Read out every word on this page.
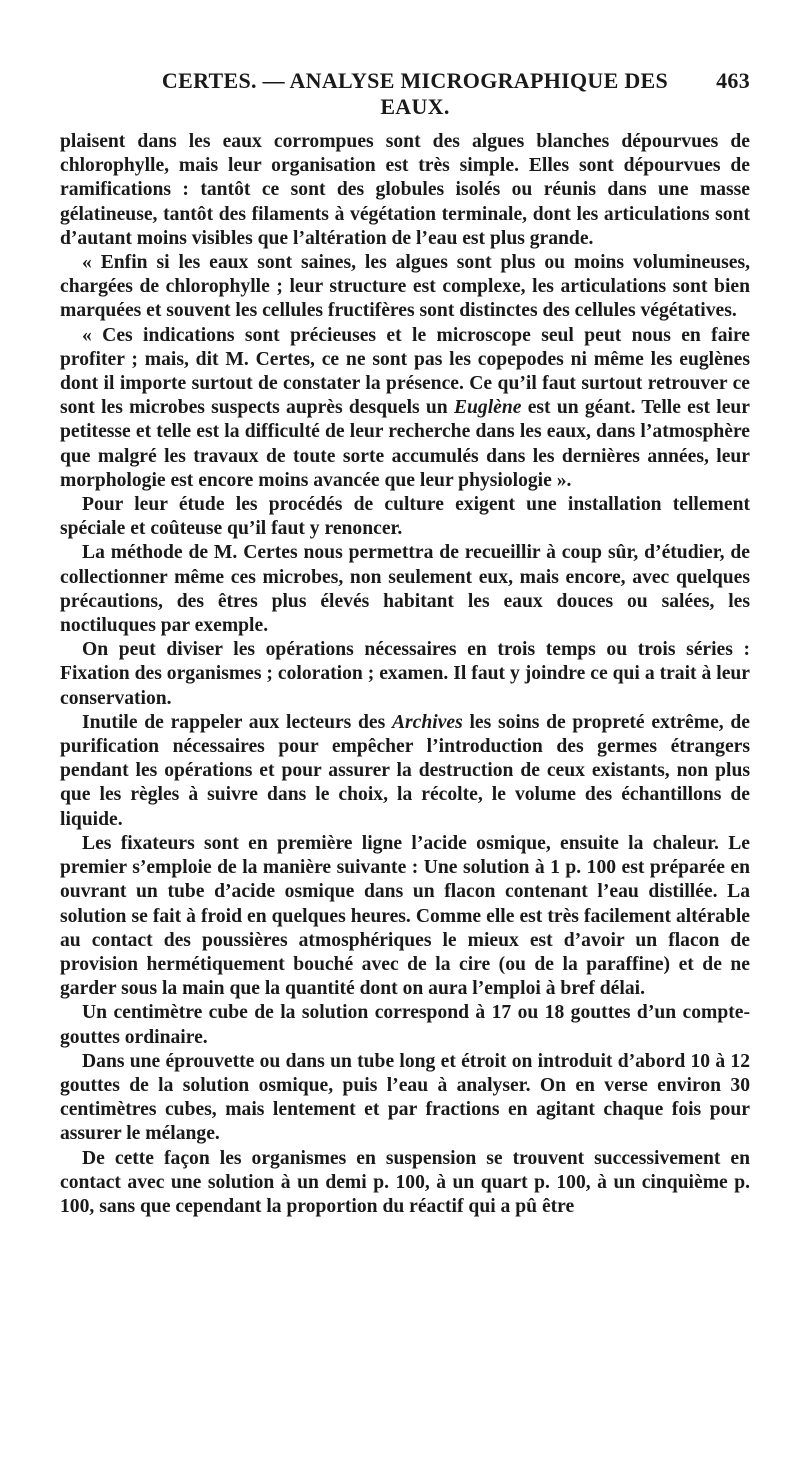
CERTES. — ANALYSE MICROGRAPHIQUE DES EAUX.
463

plaisent dans les eaux corrompues sont des algues blanches dépourvues de chlorophylle, mais leur organisation est très simple. Elles sont dépourvues de ramifications : tantôt ce sont des globules isolés ou réunis dans une masse gélatineuse, tantôt des filaments à végétation terminale, dont les articulations sont d’autant moins visibles que l’altération de l’eau est plus grande.

« Enfin si les eaux sont saines, les algues sont plus ou moins volumineuses, chargées de chlorophylle ; leur structure est complexe, les articulations sont bien marquées et souvent les cellules fructifères sont distinctes des cellules végétatives.

« Ces indications sont précieuses et le microscope seul peut nous en faire profiter ; mais, dit M. Certes, ce ne sont pas les copepodes ni même les euglènes dont il importe surtout de constater la présence. Ce qu’il faut surtout retrouver ce sont les microbes suspects auprès desquels un Euglène est un géant. Telle est leur petitesse et telle est la difficulté de leur recherche dans les eaux, dans l’atmosphère que malgré les travaux de toute sorte accumulés dans les dernières années, leur morphologie est encore moins avancée que leur physiologie ».

Pour leur étude les procédés de culture exigent une installation tellement spéciale et coûteuse qu’il faut y renoncer.

La méthode de M. Certes nous permettra de recueillir à coup sûr, d’étudier, de collectionner même ces microbes, non seulement eux, mais encore, avec quelques précautions, des êtres plus élevés habitant les eaux douces ou salées, les noctiluques par exemple.

On peut diviser les opérations nécessaires en trois temps ou trois séries : Fixation des organismes ; coloration ; examen. Il faut y joindre ce qui a trait à leur conservation.

Inutile de rappeler aux lecteurs des Archives les soins de propreté extrême, de purification nécessaires pour empêcher l’introduction des germes étrangers pendant les opérations et pour assurer la destruction de ceux existants, non plus que les règles à suivre dans le choix, la récolte, le volume des échantillons de liquide.

Les fixateurs sont en première ligne l’acide osmique, ensuite la chaleur. Le premier s’emploie de la manière suivante : Une solution à 1 p. 100 est préparée en ouvrant un tube d’acide osmique dans un flacon contenant l’eau distillée. La solution se fait à froid en quelques heures. Comme elle est très facilement altérable au contact des poussières atmosphériques le mieux est d’avoir un flacon de provision hermétiquement bouché avec de la cire (ou de la paraffine) et de ne garder sous la main que la quantité dont on aura l’emploi à bref délai.

Un centimètre cube de la solution correspond à 17 ou 18 gouttes d’un compte-gouttes ordinaire.

Dans une éprouvette ou dans un tube long et étroit on introduit d’abord 10 à 12 gouttes de la solution osmique, puis l’eau à analyser. On en verse environ 30 centimètres cubes, mais lentement et par fractions en agitant chaque fois pour assurer le mélange.

De cette façon les organismes en suspension se trouvent successivement en contact avec une solution à un demi p. 100, à un quart p. 100, à un cinquième p. 100, sans que cependant la proportion du réactif qui a pû être
